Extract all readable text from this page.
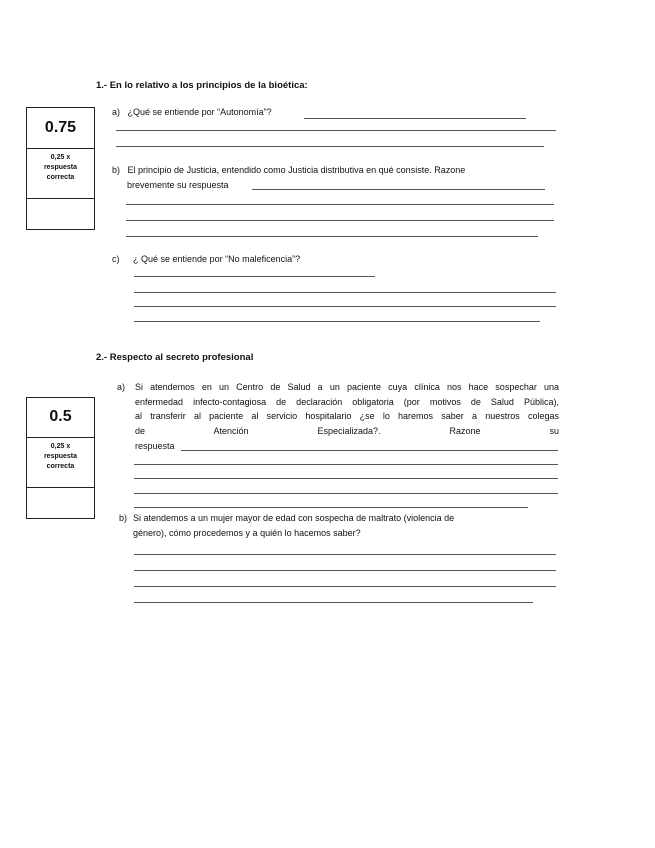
1.- En lo relativo a los principios de la bioética:
0.75
0,25 x
respuesta
correcta
a) ¿Qué se entiende por “Autonomía”?
b) El principio de Justicia, entendido como Justicia distributiva en qué consiste. Razone
brevemente su respuesta
c) ¿ Qué se entiende por “No maleficencia”?
2.- Respecto al secreto profesional
0.5
0,25 x
respuesta
correcta
a) Si atendemos en un Centro de Salud a un paciente cuya clínica nos hace sospechar una
enfermedad infecto-contagiosa de declaración obligatoria (por motivos de Salud Pública),
al transferir al paciente al servicio hospitalario ¿se lo haremos saber a nuestros colegas
de Atención Especializada?. Razone su
respuesta
b) Si atendemos a un mujer mayor de edad con sospecha de maltrato (violencia de
género), cómo procedemos y a quién lo hacemos saber?
